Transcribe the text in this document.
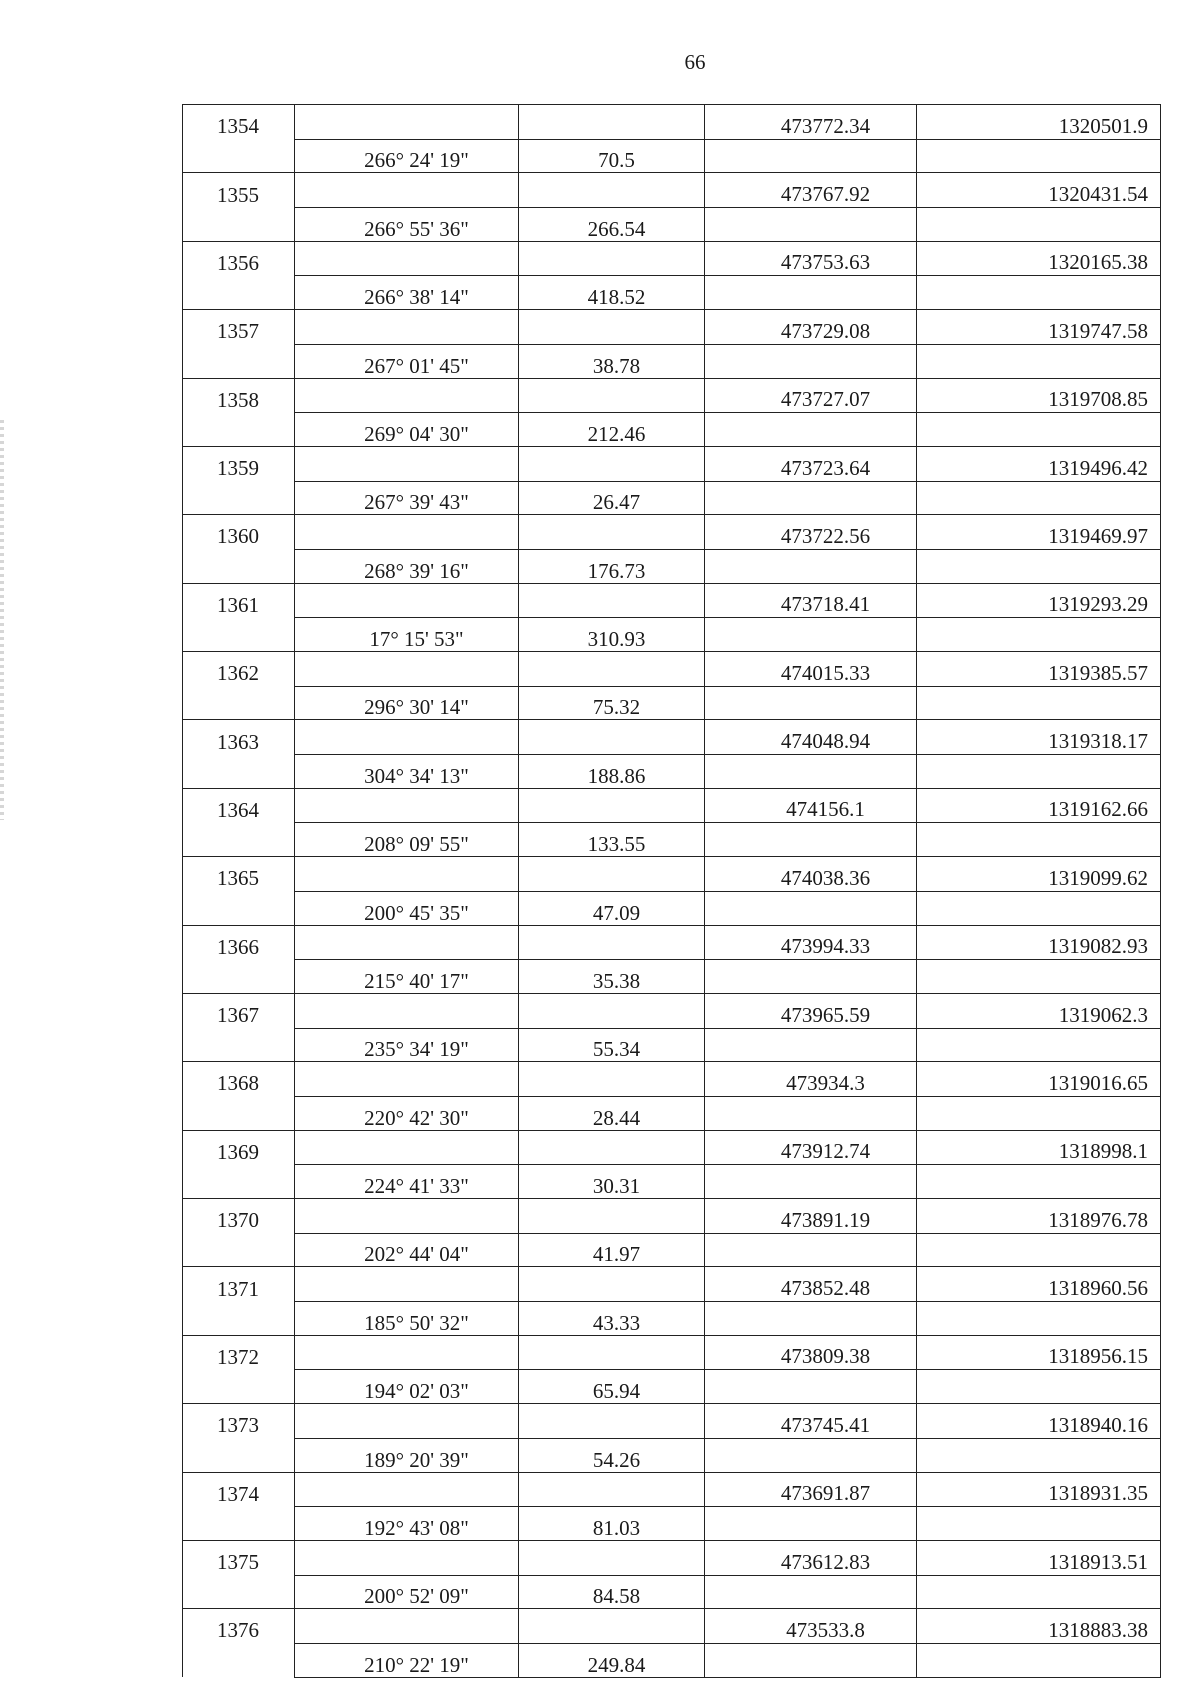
66
1354			473772.34	1320501.9
	266° 24' 19"	70.5		
1355			473767.92	1320431.54
	266° 55' 36"	266.54		
1356			473753.63	1320165.38
	266° 38' 14"	418.52		
1357			473729.08	1319747.58
	267° 01' 45"	38.78		
1358			473727.07	1319708.85
	269° 04' 30"	212.46		
1359			473723.64	1319496.42
	267° 39' 43"	26.47		
1360			473722.56	1319469.97
	268° 39' 16"	176.73		
1361			473718.41	1319293.29
	17° 15' 53"	310.93		
1362			474015.33	1319385.57
	296° 30' 14"	75.32		
1363			474048.94	1319318.17
	304° 34' 13"	188.86		
1364			474156.1	1319162.66
	208° 09' 55"	133.55		
1365			474038.36	1319099.62
	200° 45' 35"	47.09		
1366			473994.33	1319082.93
	215° 40' 17"	35.38		
1367			473965.59	1319062.3
	235° 34' 19"	55.34		
1368			473934.3	1319016.65
	220° 42' 30"	28.44		
1369			473912.74	1318998.1
	224° 41' 33"	30.31		
1370			473891.19	1318976.78
	202° 44' 04"	41.97		
1371			473852.48	1318960.56
	185° 50' 32"	43.33		
1372			473809.38	1318956.15
	194° 02' 03"	65.94		
1373			473745.41	1318940.16
	189° 20' 39"	54.26		
1374			473691.87	1318931.35
	192° 43' 08"	81.03		
1375			473612.83	1318913.51
	200° 52' 09"	84.58		
1376			473533.8	1318883.38
	210° 22' 19"	249.84		
